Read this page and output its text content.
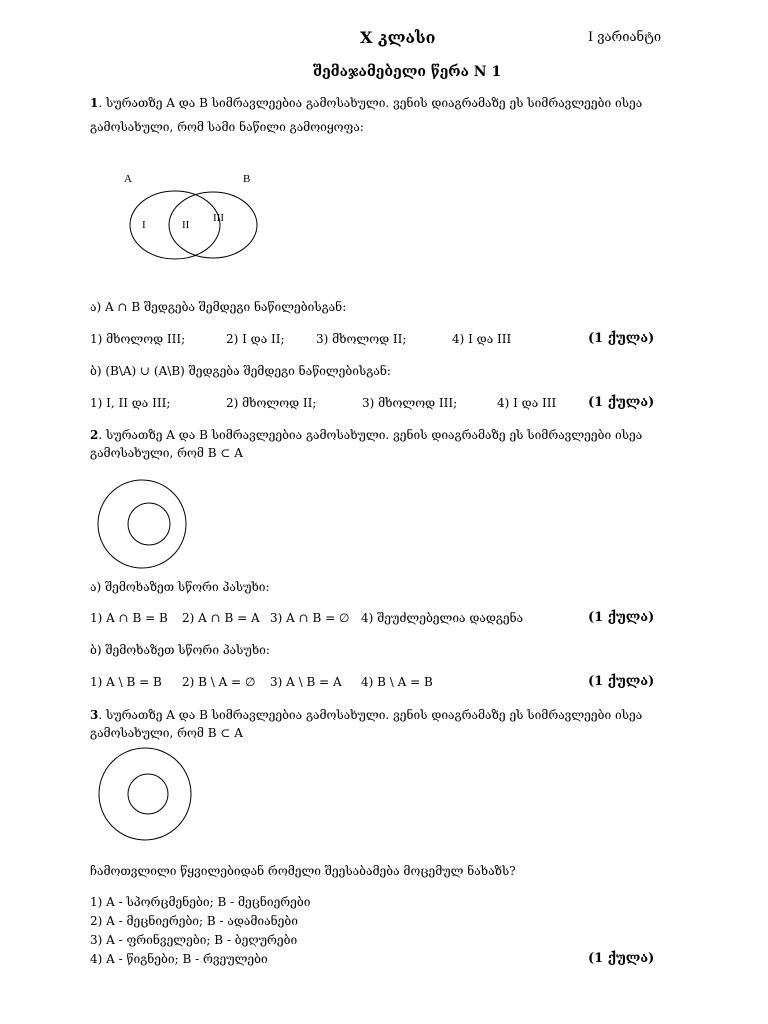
X კლასი	I ვარიანტი
შემაჯამებელი წერა N 1
1. სურათზე A და B სიმრავლეებია გამოსახული. ვენის დიაგრამაზე ეს სიმრავლეები ისეა
გამოსახული, რომ სამი ნაწილი გამოიყოფა:
A	B
I	II
III
ა) A ∩ B შედგება შემდეგი ნაწილებისგან:
1) მხოლოდ III;	2) I და II;	3) მხოლოდ II;	4) I და III	(1 ქულა)
ბ) (B\A) ∪ (A\B) შედგება შემდეგი ნაწილებისგან:
1) I, II და III;	2) მხოლოდ II;	3) მხოლოდ III;	4) I და III (1 ქულა)
2. სურათზე A და B სიმრავლეებია გამოსახული. ვენის დიაგრამაზე ეს სიმრავლეები ისეა
გამოსახული, რომ B ⊂ A
ა) შემოხაზეთ სწორი პასუხი:
1) A ∩ B = B 2) A ∩ B = A 3) A ∩ B = ∅ 4) შეუძლებელია დადგენა	(1 ქულა)
ბ) შემოხაზეთ სწორი პასუხი:
1) A \ B = B 2) B \ A = ∅ 3) A \ B = A 4) B \ A = B	(1 ქულა)
3. სურათზე A და B სიმრავლეებია გამოსახული. ვენის დიაგრამაზე ეს სიმრავლეები ისეა
გამოსახული, რომ B ⊂ A
ჩამოთვლილი წყვილებიდან რომელი შეესაბამება მოცემულ ნახაზს?
1) A - სპორცმენები; B - მეცნიერები
2) A - მეცნიერები; B - ადამიანები
3) A - ფრინველები; B - ბეღურები
4) A - წიგნები; B - რვეულები	(1 ქულა)
